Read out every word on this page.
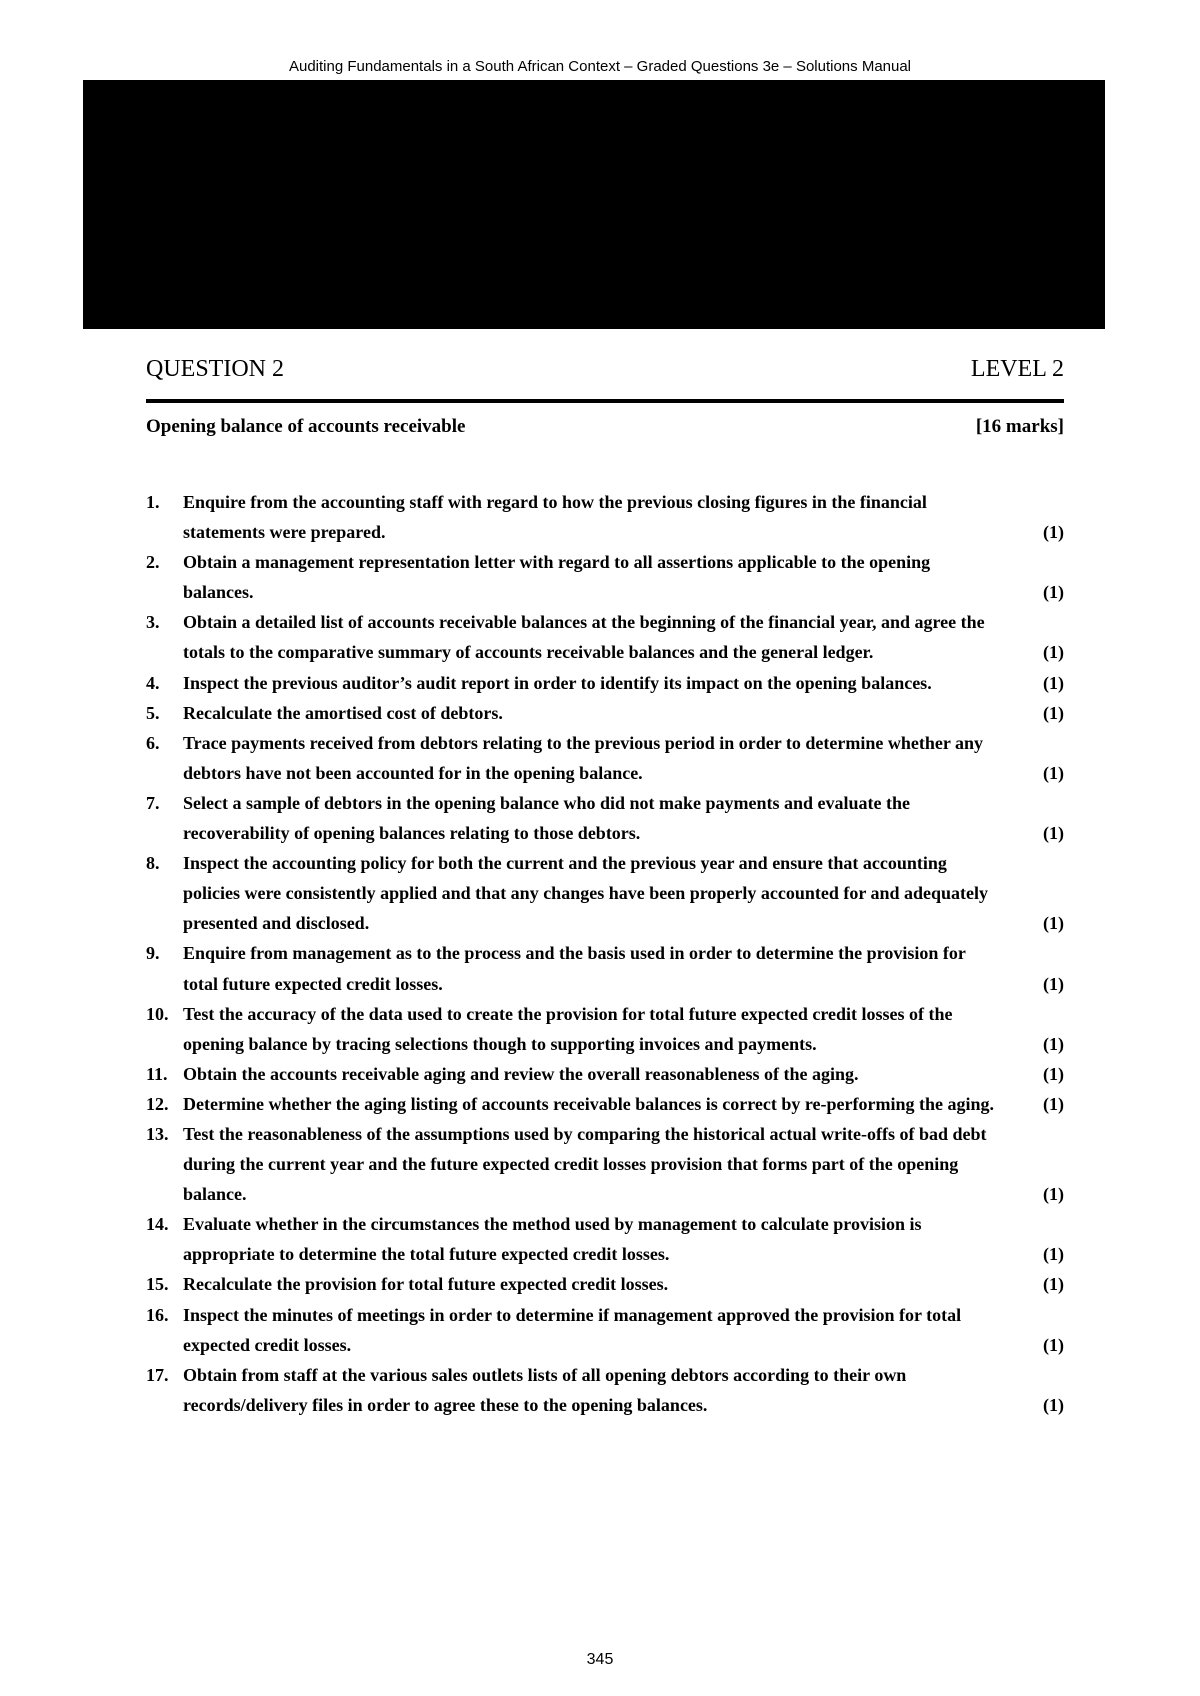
Auditing Fundamentals in a South African Context – Graded Questions 3e – Solutions Manual
QUESTION 2	LEVEL 2
Opening balance of accounts receivable	[16 marks]
1. Enquire from the accounting staff with regard to how the previous closing figures in the financial statements were prepared.	(1)
2. Obtain a management representation letter with regard to all assertions applicable to the opening balances.	(1)
3. Obtain a detailed list of accounts receivable balances at the beginning of the financial year, and agree the totals to the comparative summary of accounts receivable balances and the general ledger.	(1)
4. Inspect the previous auditor’s audit report in order to identify its impact on the opening balances.	(1)
5. Recalculate the amortised cost of debtors.	(1)
6. Trace payments received from debtors relating to the previous period in order to determine whether any debtors have not been accounted for in the opening balance.	(1)
7. Select a sample of debtors in the opening balance who did not make payments and evaluate the recoverability of opening balances relating to those debtors.	(1)
8. Inspect the accounting policy for both the current and the previous year and ensure that accounting policies were consistently applied and that any changes have been properly accounted for and adequately presented and disclosed.	(1)
9. Enquire from management as to the process and the basis used in order to determine the provision for total future expected credit losses.	(1)
10. Test the accuracy of the data used to create the provision for total future expected credit losses of the opening balance by tracing selections though to supporting invoices and payments.	(1)
11. Obtain the accounts receivable aging and review the overall reasonableness of the aging.	(1)
12. Determine whether the aging listing of accounts receivable balances is correct by re-performing the aging.	(1)
13. Test the reasonableness of the assumptions used by comparing the historical actual write-offs of bad debt during the current year and the future expected credit losses provision that forms part of the opening balance.	(1)
14. Evaluate whether in the circumstances the method used by management to calculate provision is appropriate to determine the total future expected credit losses.	(1)
15. Recalculate the provision for total future expected credit losses.	(1)
16. Inspect the minutes of meetings in order to determine if management approved the provision for total expected credit losses.	(1)
17. Obtain from staff at the various sales outlets lists of all opening debtors according to their own records/delivery files in order to agree these to the opening balances.	(1)
345
